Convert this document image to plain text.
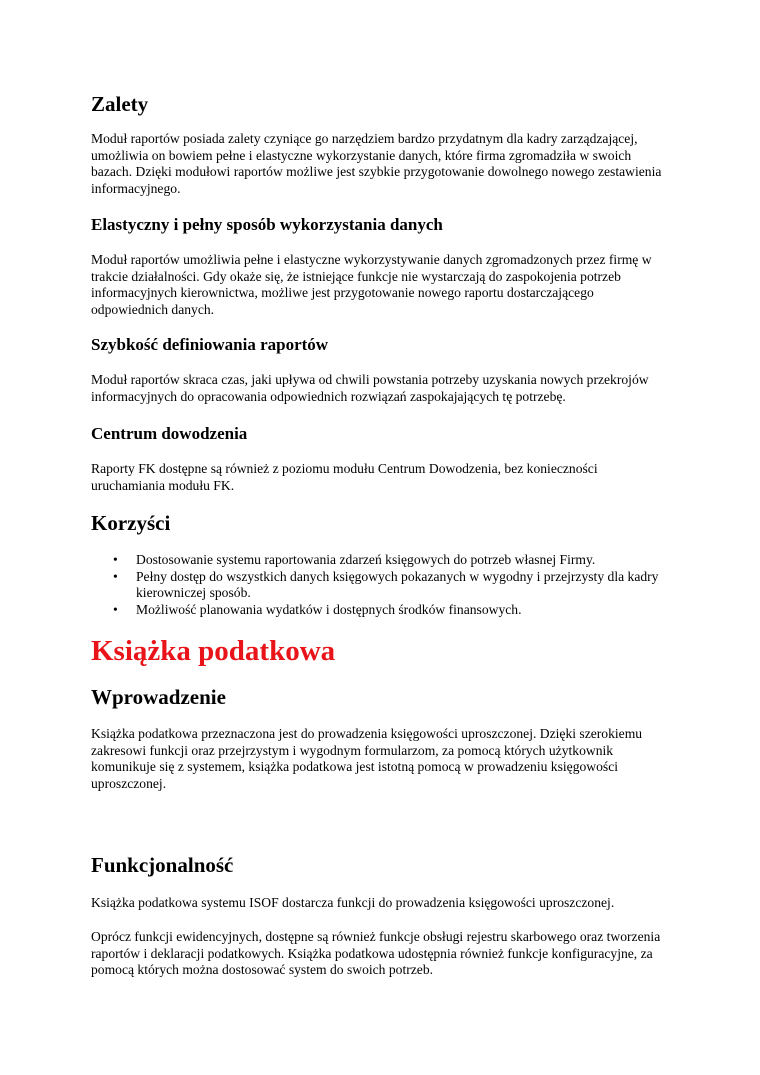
Zalety

Moduł raportów posiada zalety czyniące go narzędziem bardzo przydatnym dla kadry zarządzającej, umożliwia on bowiem pełne i elastyczne wykorzystanie danych, które firma zgromadziła w swoich bazach. Dzięki modułowi raportów możliwe jest szybkie przygotowanie dowolnego nowego zestawienia informacyjnego.

Elastyczny i pełny sposób wykorzystania danych

Moduł raportów umożliwia pełne i elastyczne wykorzystywanie danych zgromadzonych przez firmę w trakcie działalności. Gdy okaże się, że istniejące funkcje nie wystarczają do zaspokojenia potrzeb informacyjnych kierownictwa, możliwe jest przygotowanie nowego raportu dostarczającego odpowiednich danych.

Szybkość definiowania raportów

Moduł raportów skraca czas, jaki upływa od chwili powstania potrzeby uzyskania nowych przekrojów informacyjnych do opracowania odpowiednich rozwiązań zaspokajających tę potrzebę.

Centrum dowodzenia

Raporty FK dostępne są również z poziomu modułu Centrum Dowodzenia, bez konieczności uruchamiania modułu FK.

Korzyści
• Dostosowanie systemu raportowania zdarzeń księgowych do potrzeb własnej Firmy.
• Pełny dostęp do wszystkich danych księgowych pokazanych w wygodny i przejrzysty dla kadry kierowniczej sposób.
• Możliwość planowania wydatków i dostępnych środków finansowych.
Książka podatkowa
Wprowadzenie

Książka podatkowa przeznaczona jest do prowadzenia księgowości uproszczonej. Dzięki szerokiemu zakresowi funkcji oraz przejrzystym i wygodnym formularzom, za pomocą których użytkownik komunikuje się z systemem, książka podatkowa jest istotną pomocą w prowadzeniu księgowości uproszczonej.

Funkcjonalność

Książka podatkowa systemu ISOF dostarcza funkcji do prowadzenia księgowości uproszczonej.

Oprócz funkcji ewidencyjnych, dostępne są również funkcje obsługi rejestru skarbowego oraz tworzenia raportów i deklaracji podatkowych. Książka podatkowa udostępnia również funkcje konfiguracyjne, za pomocą których można dostosować system do swoich potrzeb.
